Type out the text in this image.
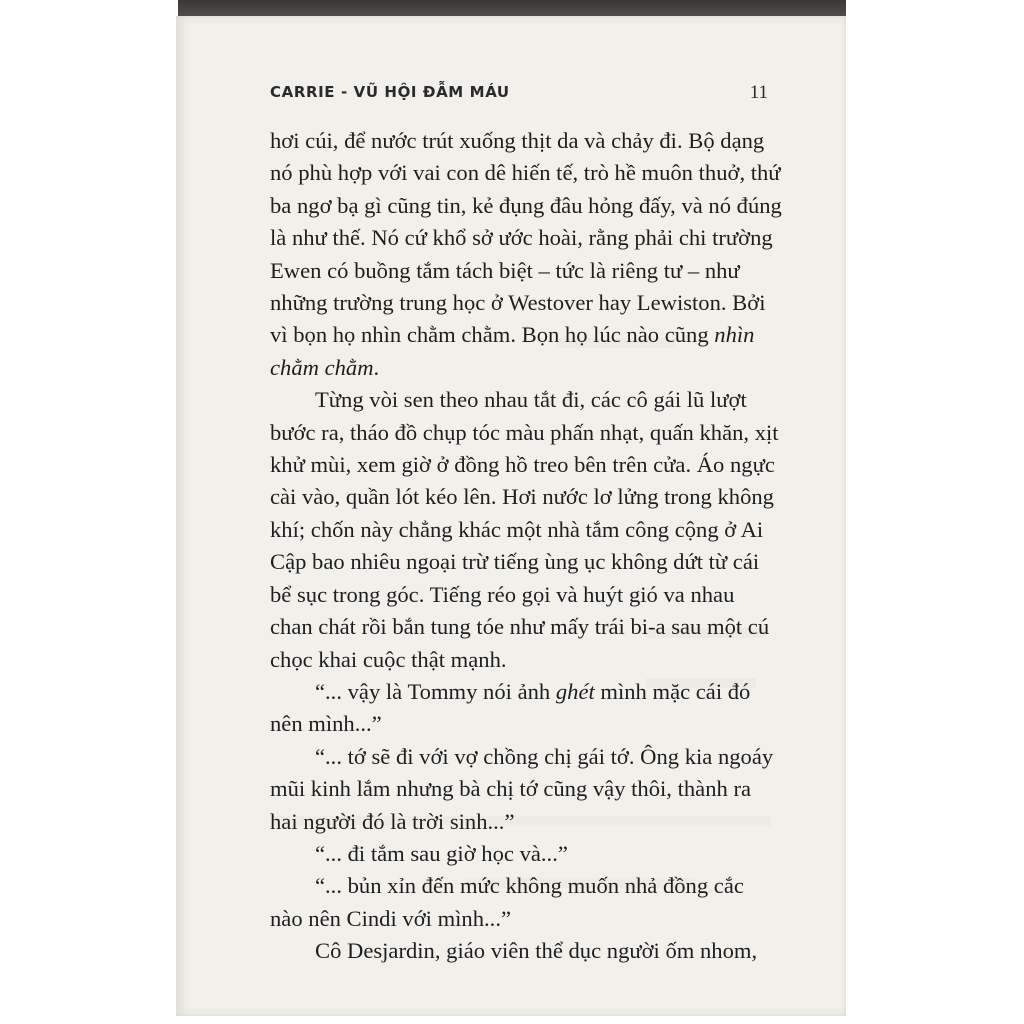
CARRIE - VŨ HỘI ĐẪM MÁU	11

hơi cúi, để nước trút xuống thịt da và chảy đi. Bộ dạng nó phù hợp với vai con dê hiến tế, trò hề muôn thuở, thứ ba ngơ bạ gì cũng tin, kẻ đụng đâu hỏng đấy, và nó đúng là như thế. Nó cứ khổ sở ước hoài, rằng phải chi trường Ewen có buồng tắm tách biệt – tức là riêng tư – như những trường trung học ở Westover hay Lewiston. Bởi vì bọn họ nhìn chằm chằm. Bọn họ lúc nào cũng nhìn chằm chằm.

Từng vòi sen theo nhau tắt đi, các cô gái lũ lượt bước ra, tháo đồ chụp tóc màu phấn nhạt, quấn khăn, xịt khử mùi, xem giờ ở đồng hồ treo bên trên cửa. Áo ngực cài vào, quần lót kéo lên. Hơi nước lơ lửng trong không khí; chốn này chẳng khác một nhà tắm công cộng ở Ai Cập bao nhiêu ngoại trừ tiếng ùng ục không dứt từ cái bể sục trong góc. Tiếng réo gọi và huýt gió va nhau chan chát rồi bắn tung tóe như mấy trái bi-a sau một cú chọc khai cuộc thật mạnh.

“... vậy là Tommy nói ảnh ghét mình mặc cái đó nên mình...”

“... tớ sẽ đi với vợ chồng chị gái tớ. Ông kia ngoáy mũi kinh lắm nhưng bà chị tớ cũng vậy thôi, thành ra hai người đó là trời sinh...”

“... đi tắm sau giờ học và...”

“... bủn xỉn đến mức không muốn nhả đồng cắc nào nên Cindi với mình...”

Cô Desjardin, giáo viên thể dục người ốm nhom,
